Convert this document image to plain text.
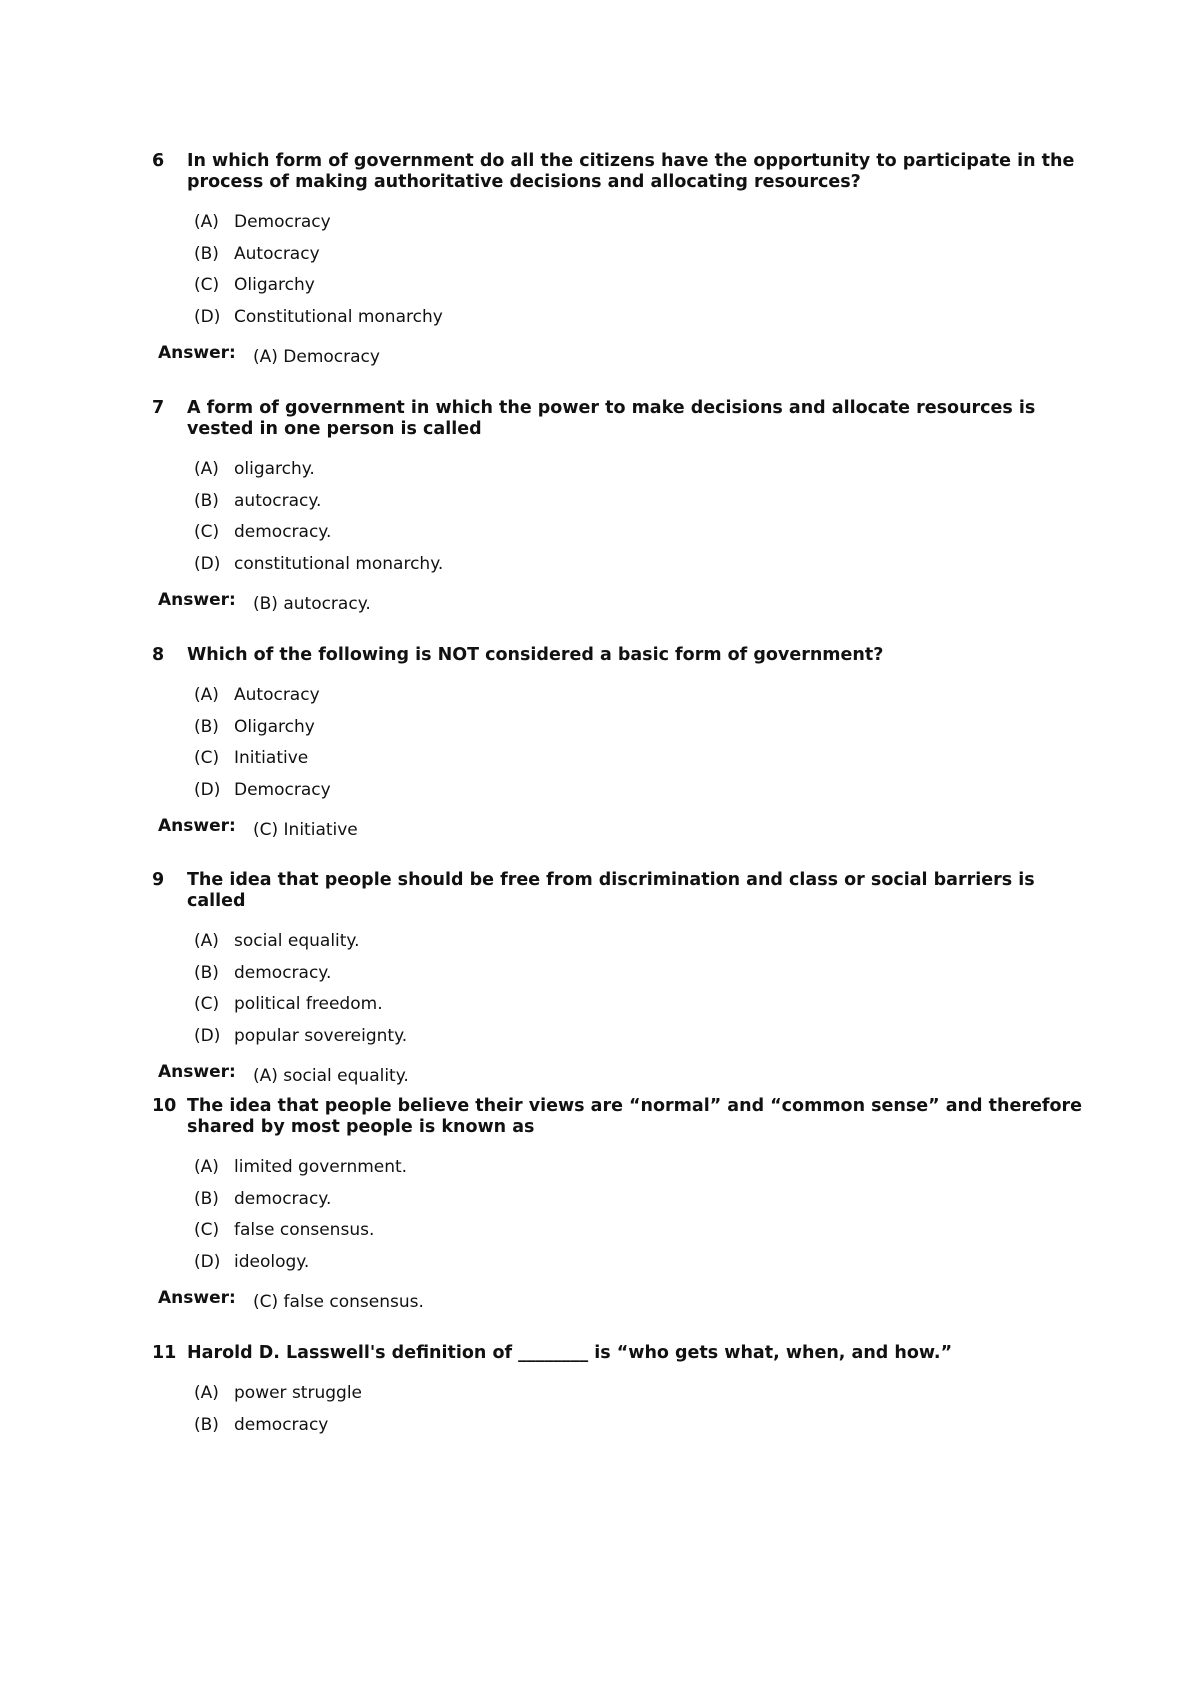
6	In which form of government do all the citizens have the opportunity to participate in the process of making authoritative decisions and allocating resources?
(A) Democracy
(B) Autocracy
(C) Oligarchy
(D) Constitutional monarchy
Answer:	(A) Democracy
7	A form of government in which the power to make decisions and allocate resources is vested in one person is called
(A) oligarchy.
(B) autocracy.
(C) democracy.
(D) constitutional monarchy.
Answer:	(B) autocracy.
8	Which of the following is NOT considered a basic form of government?
(A) Autocracy
(B) Oligarchy
(C) Initiative
(D) Democracy
Answer:	(C) Initiative
9	The idea that people should be free from discrimination and class or social barriers is called
(A) social equality.
(B) democracy.
(C) political freedom.
(D) popular sovereignty.
Answer:	(A) social equality.
10 The idea that people believe their views are “normal” and “common sense” and therefore shared by most people is known as
(A) limited government.
(B) democracy.
(C) false consensus.
(D) ideology.
Answer:	(C) false consensus.
11 Harold D. Lasswell's definition of ________ is “who gets what, when, and how.”
(A) power struggle
(B) democracy
